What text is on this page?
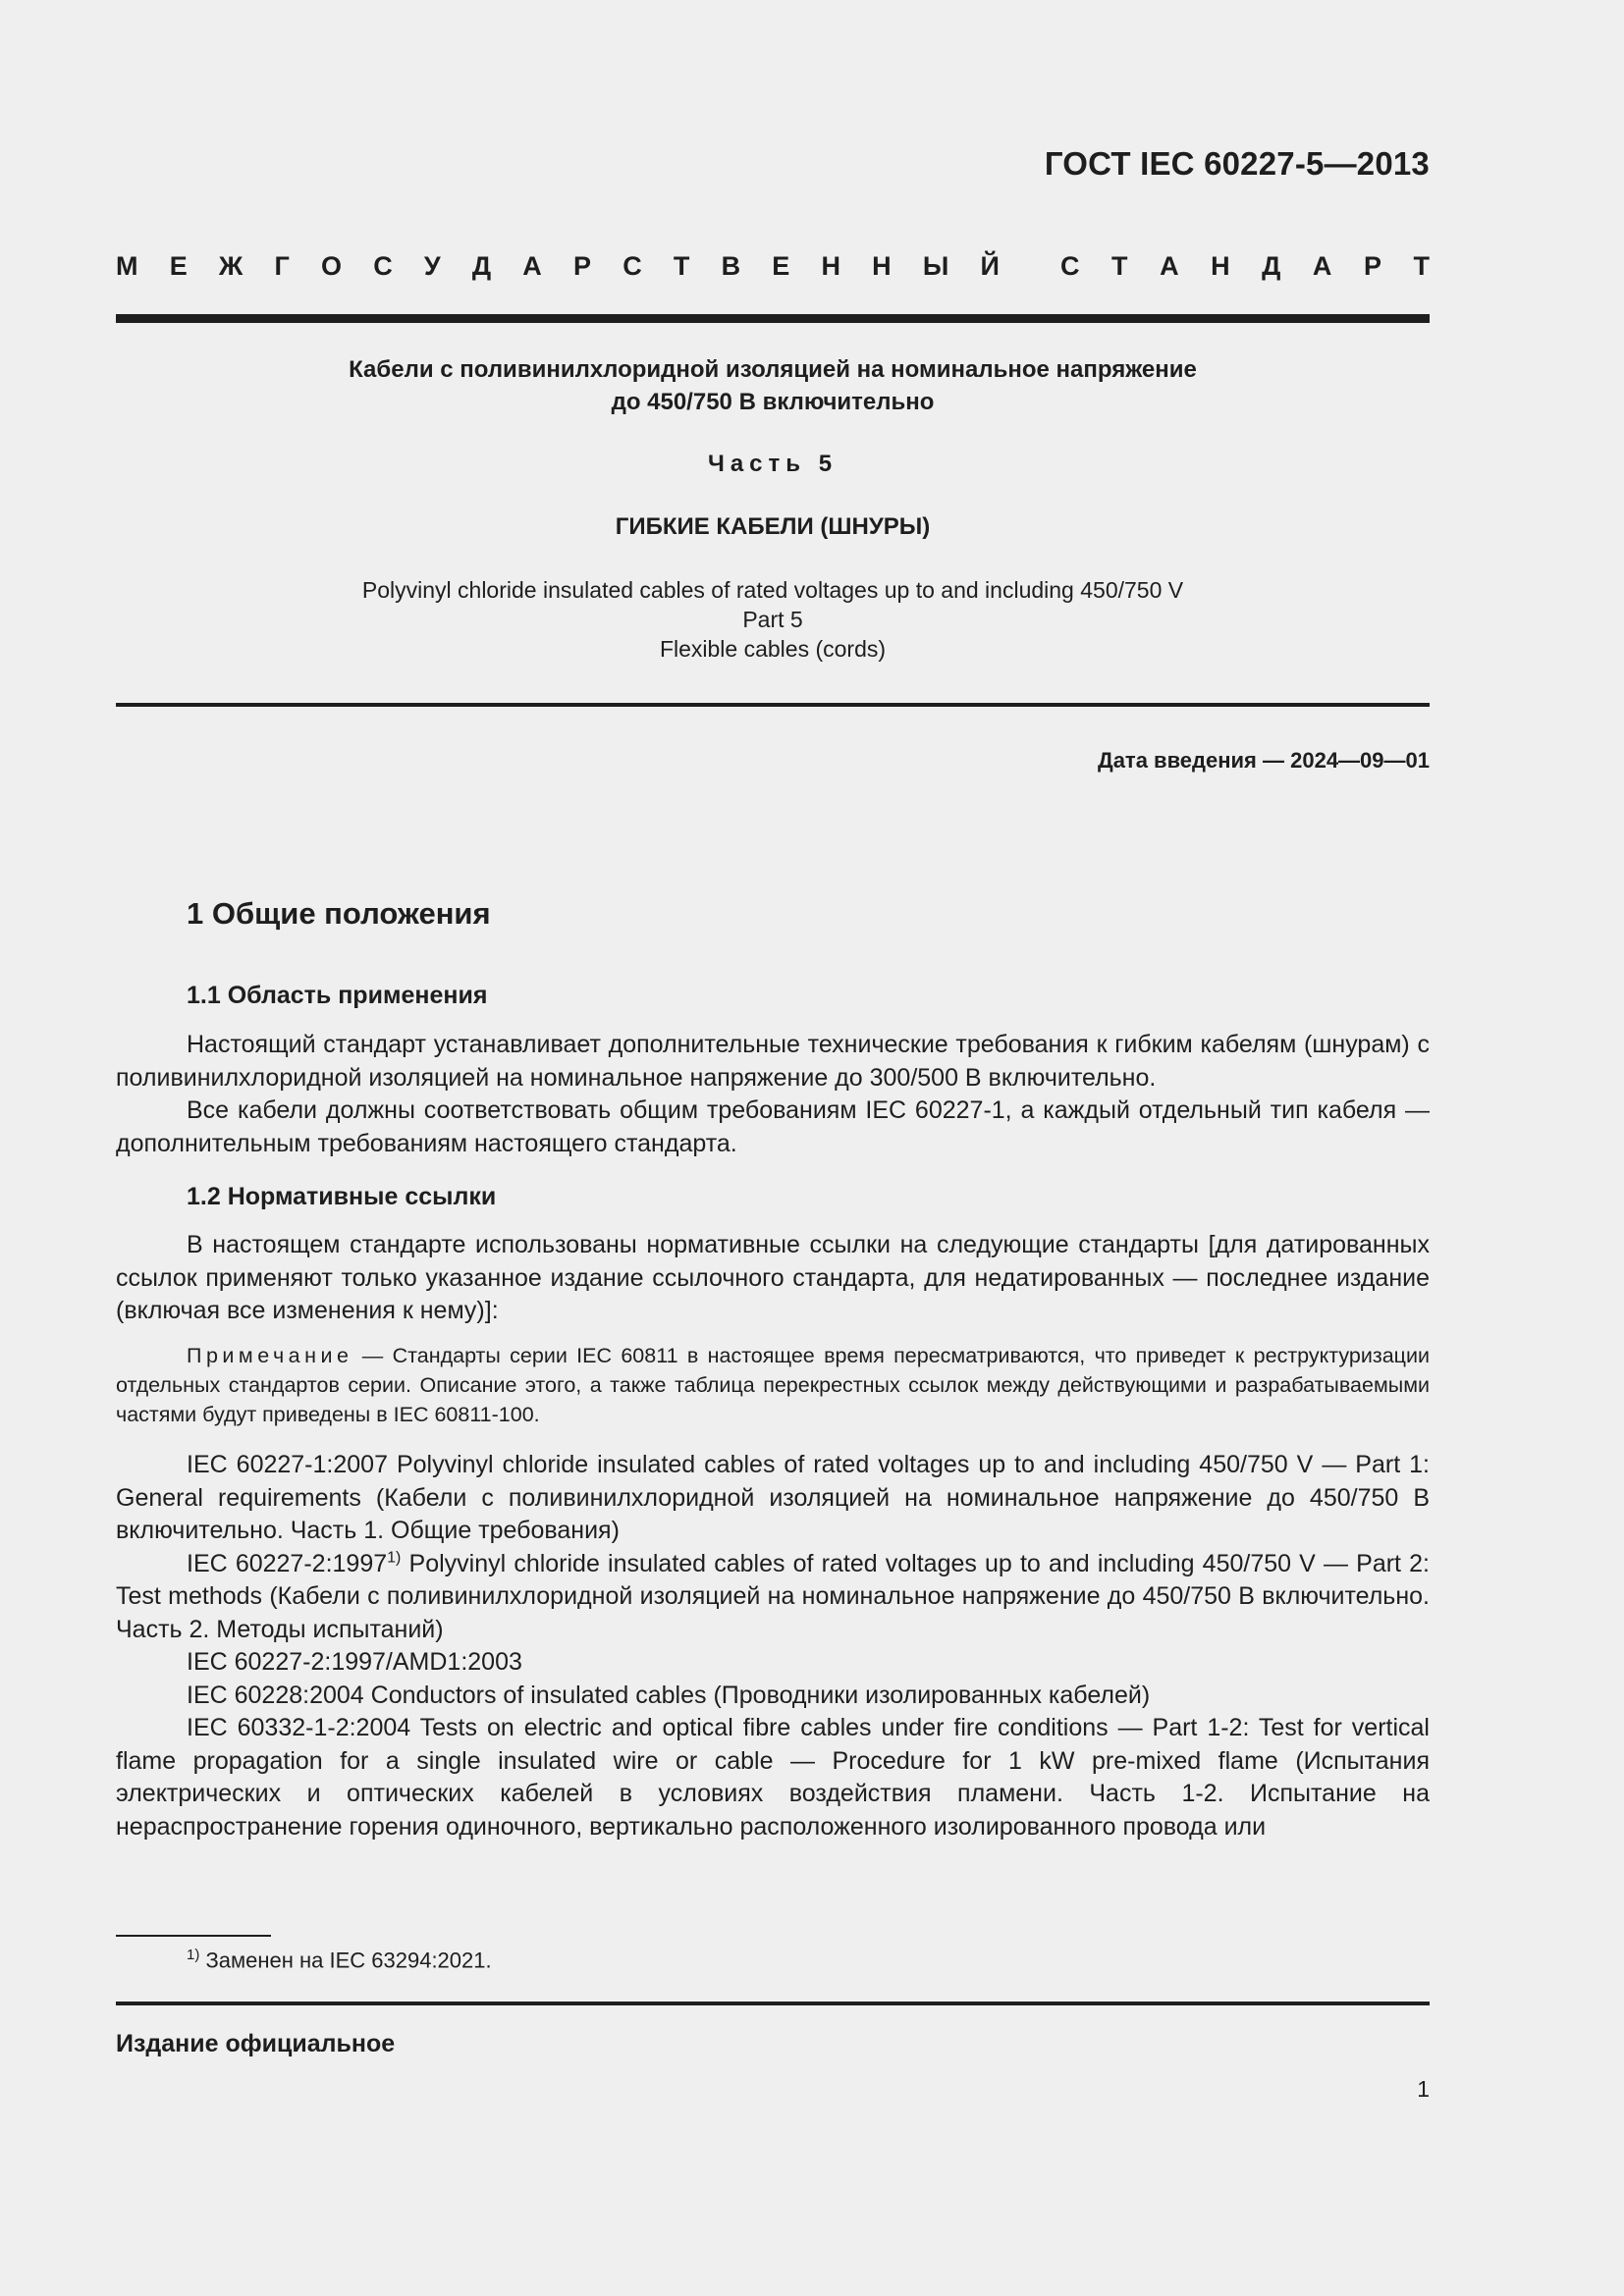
ГОСТ IEC 60227-5—2013
М Е Ж Г О С У Д А Р С Т В Е Н Н Ы Й С Т А Н Д А Р Т
Кабели с поливинилхлоридной изоляцией на номинальное напряжение
до 450/750 В включительно
Часть 5
ГИБКИЕ КАБЕЛИ (ШНУРЫ)
Polyvinyl chloride insulated cables of rated voltages up to and including 450/750 V
Part 5
Flexible cables (cords)
Дата введения — 2024—09—01
1 Общие положения
1.1 Область применения
Настоящий стандарт устанавливает дополнительные технические требования к гибким кабелям (шнурам) с поливинилхлоридной изоляцией на номинальное напряжение до 300/500 В включительно.
Все кабели должны соответствовать общим требованиям IEC 60227-1, а каждый отдельный тип кабеля — дополнительным требованиям настоящего стандарта.
1.2 Нормативные ссылки
В настоящем стандарте использованы нормативные ссылки на следующие стандарты [для датированных ссылок применяют только указанное издание ссылочного стандарта, для недатированных — последнее издание (включая все изменения к нему)]:
Примечание — Стандарты серии IEC 60811 в настоящее время пересматриваются, что приведет к реструктуризации отдельных стандартов серии. Описание этого, а также таблица перекрестных ссылок между действующими и разрабатываемыми частями будут приведены в IEC 60811-100.

IEC 60227-1:2007 Polyvinyl chloride insulated cables of rated voltages up to and including 450/750 V — Part 1: General requirements (Кабели с поливинилхлоридной изоляцией на номинальное напряжение до 450/750 В включительно. Часть 1. Общие требования)

IEC 60227-2:1997$^{1)}$ Polyvinyl chloride insulated cables of rated voltages up to and including 450/750 V — Part 2: Test methods (Кабели с поливинилхлоридной изоляцией на номинальное напряжение до 450/750 В включительно. Часть 2. Методы испытаний)

IEC 60227-2:1997/AMD1:2003

IEC 60228:2004 Conductors of insulated cables (Проводники изолированных кабелей)

IEC 60332-1-2:2004 Tests on electric and optical fibre cables under fire conditions — Part 1-2: Test for vertical flame propagation for a single insulated wire or cable — Procedure for 1 kW pre-mixed flame (Испытания электрических и оптических кабелей в условиях воздействия пламени. Часть 1-2. Испытание на нераспространение горения одиночного, вертикально расположенного изолированного провода или

$^{1)}$ Заменен на IEC 63294:2021.
Издание официальное
1
